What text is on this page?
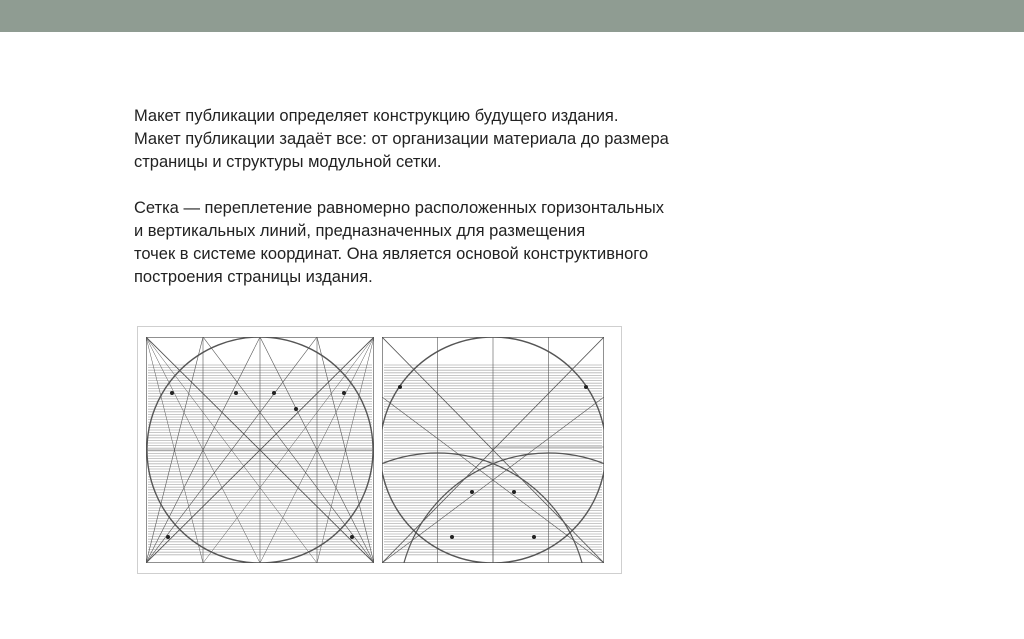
Макет публикации определяет конструкцию будущего издания.
Макет публикации задаёт все: от организации материала до размера
страницы и структуры модульной сетки.

Сетка — переплетение равномерно расположенных горизонтальных
и вертикальных линий, предназначенных для размещения
точек в системе координат. Она является основой конструктивного
построения страницы издания.
